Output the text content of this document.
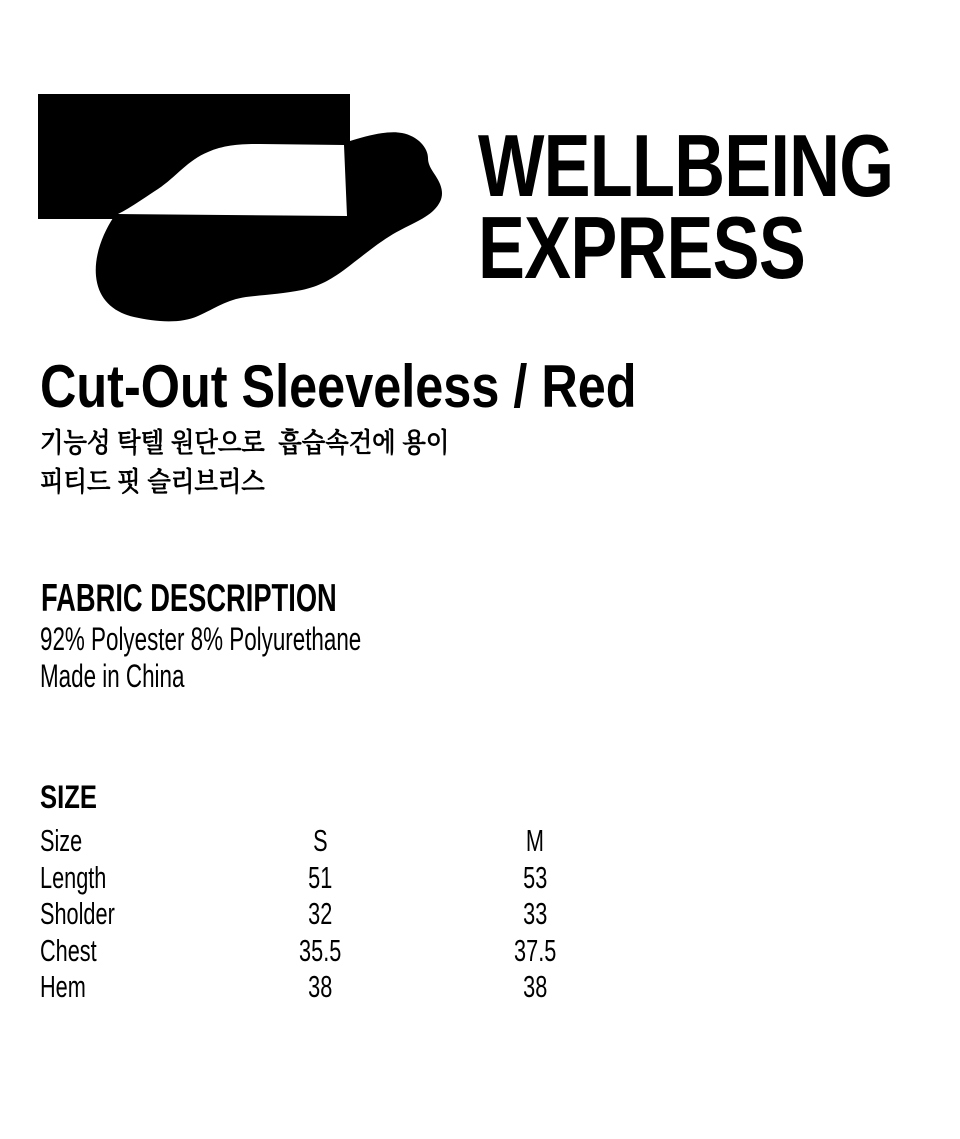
WELLBEING
EXPRESS
Cut-Out Sleeveless / Red
기능성 탁텔 원단으로  흡습속건에 용이
피티드 핏 슬리브리스
FABRIC DESCRIPTION
92% Polyester 8% Polyurethane
Made in China
SIZE
Size	S	M
Length	51	53
Sholder	32	33
Chest	35.5	37.5
Hem	38	38
